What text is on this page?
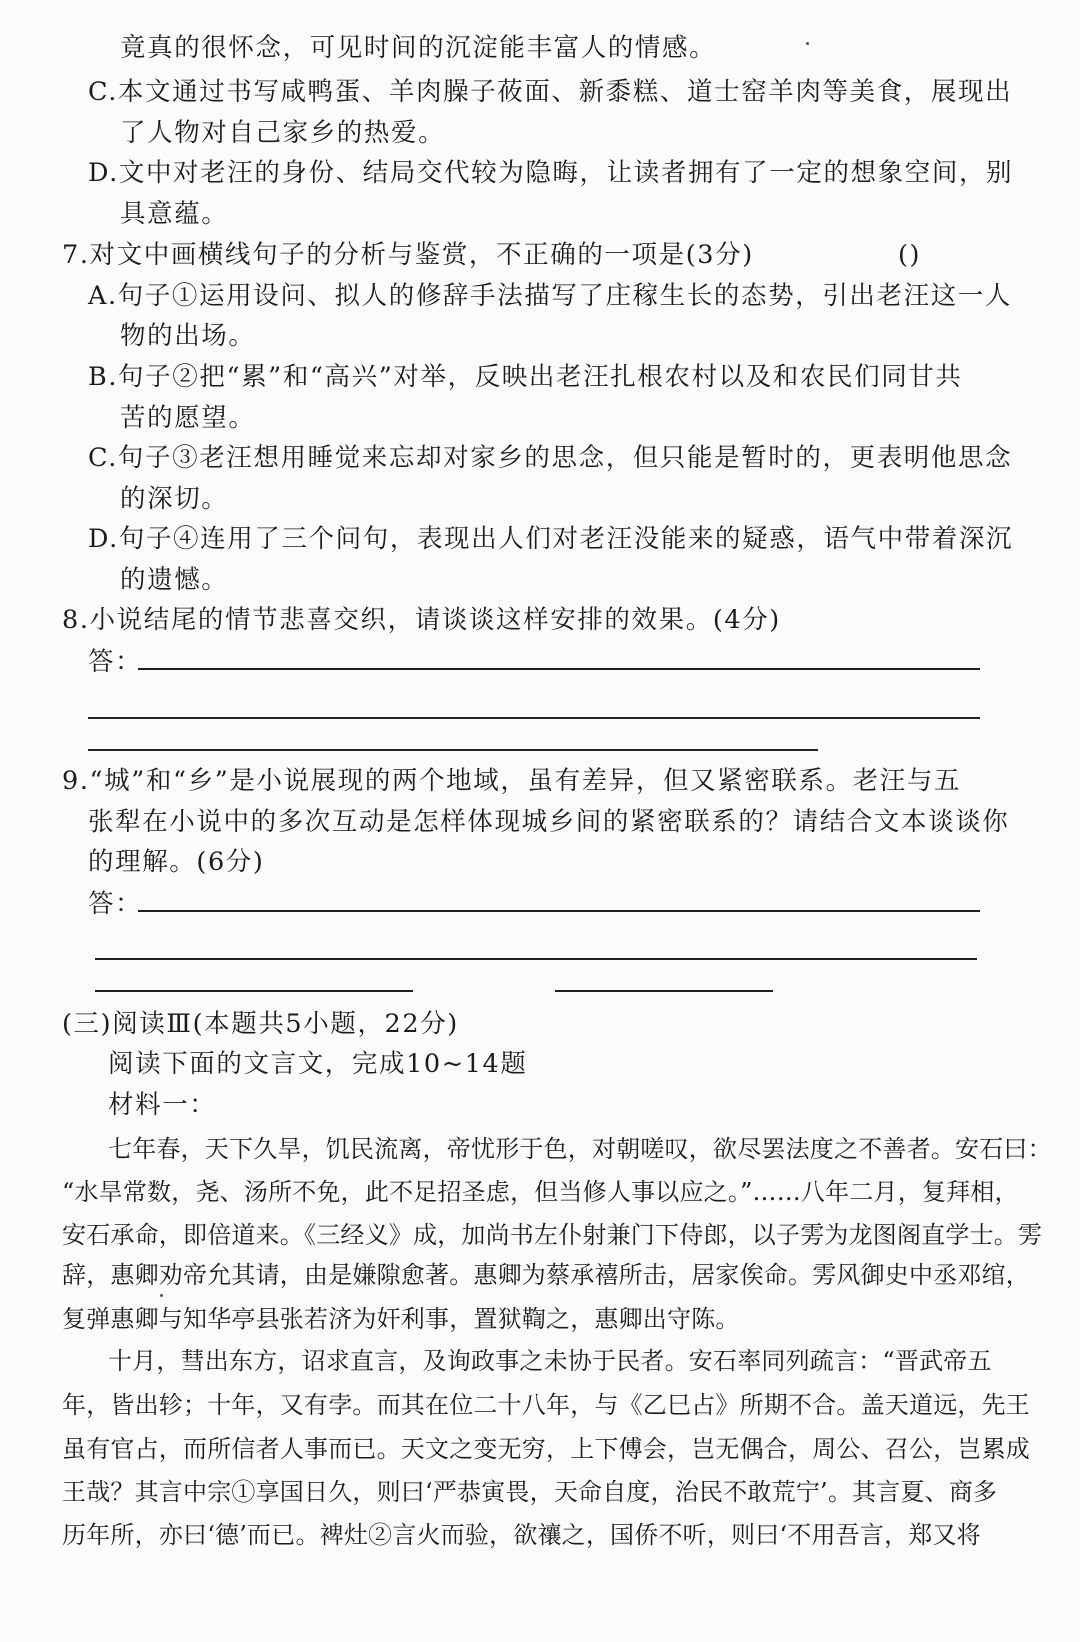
竟真的很怀念，可见时间的沉淀能丰富人的情感。
C.本文通过书写咸鸭蛋、羊肉臊子莜面、新黍糕、道士窑羊肉等美食，展现出
了人物对自己家乡的热爱。
D.文中对老汪的身份、结局交代较为隐晦，让读者拥有了一定的想象空间，别
具意蕴。
7.对文中画横线句子的分析与鉴赏，不正确的一项是(3分)	()
A.句子①运用设问、拟人的修辞手法描写了庄稼生长的态势，引出老汪这一人
物的出场。
B.句子②把“累”和“高兴”对举，反映出老汪扎根农村以及和农民们同甘共
苦的愿望。
C.句子③老汪想用睡觉来忘却对家乡的思念，但只能是暂时的，更表明他思念
的深切。
D.句子④连用了三个问句，表现出人们对老汪没能来的疑惑，语气中带着深沉
的遗憾。
8.小说结尾的情节悲喜交织，请谈谈这样安排的效果。(4分)
答：
9.“城”和“乡”是小说展现的两个地域，虽有差异，但又紧密联系。老汪与五
张犁在小说中的多次互动是怎样体现城乡间的紧密联系的？请结合文本谈谈你
的理解。(6分)
答：
(三)阅读Ⅲ(本题共5小题，22分)
阅读下面的文言文，完成10~14题
材料一：
七年春，天下久旱，饥民流离，帝忧形于色，对朝嗟叹，欲尽罢法度之不善者。安石曰：
“水旱常数，尧、汤所不免，此不足招圣虑，但当修人事以应之。”……八年二月，复拜相，
安石承命，即倍道来。《三经义》成，加尚书左仆射兼门下侍郎，以子雱为龙图阁直学士。雱
辞，惠卿劝帝允其请，由是嫌隙愈著。惠卿为蔡承禧所击，居家俟命。雱风御史中丞邓绾，
复弹惠卿与知华亭县张若济为奸利事，置狱鞫之，惠卿出守陈。
十月，彗出东方，诏求直言，及询政事之未协于民者。安石率同列疏言：“晋武帝五
年，皆出轸；十年，又有孛。而其在位二十八年，与《乙巳占》所期不合。盖天道远，先王
虽有官占，而所信者人事而已。天文之变无穷，上下傅会，岂无偶合，周公、召公，岂累成
王哉？其言中宗①享国日久，则曰‘严恭寅畏，天命自度，治民不敢荒宁’。其言夏、商多
历年所，亦曰‘德’而已。裨灶②言火而验，欲禳之，国侨不听，则曰‘不用吾言，郑又将
